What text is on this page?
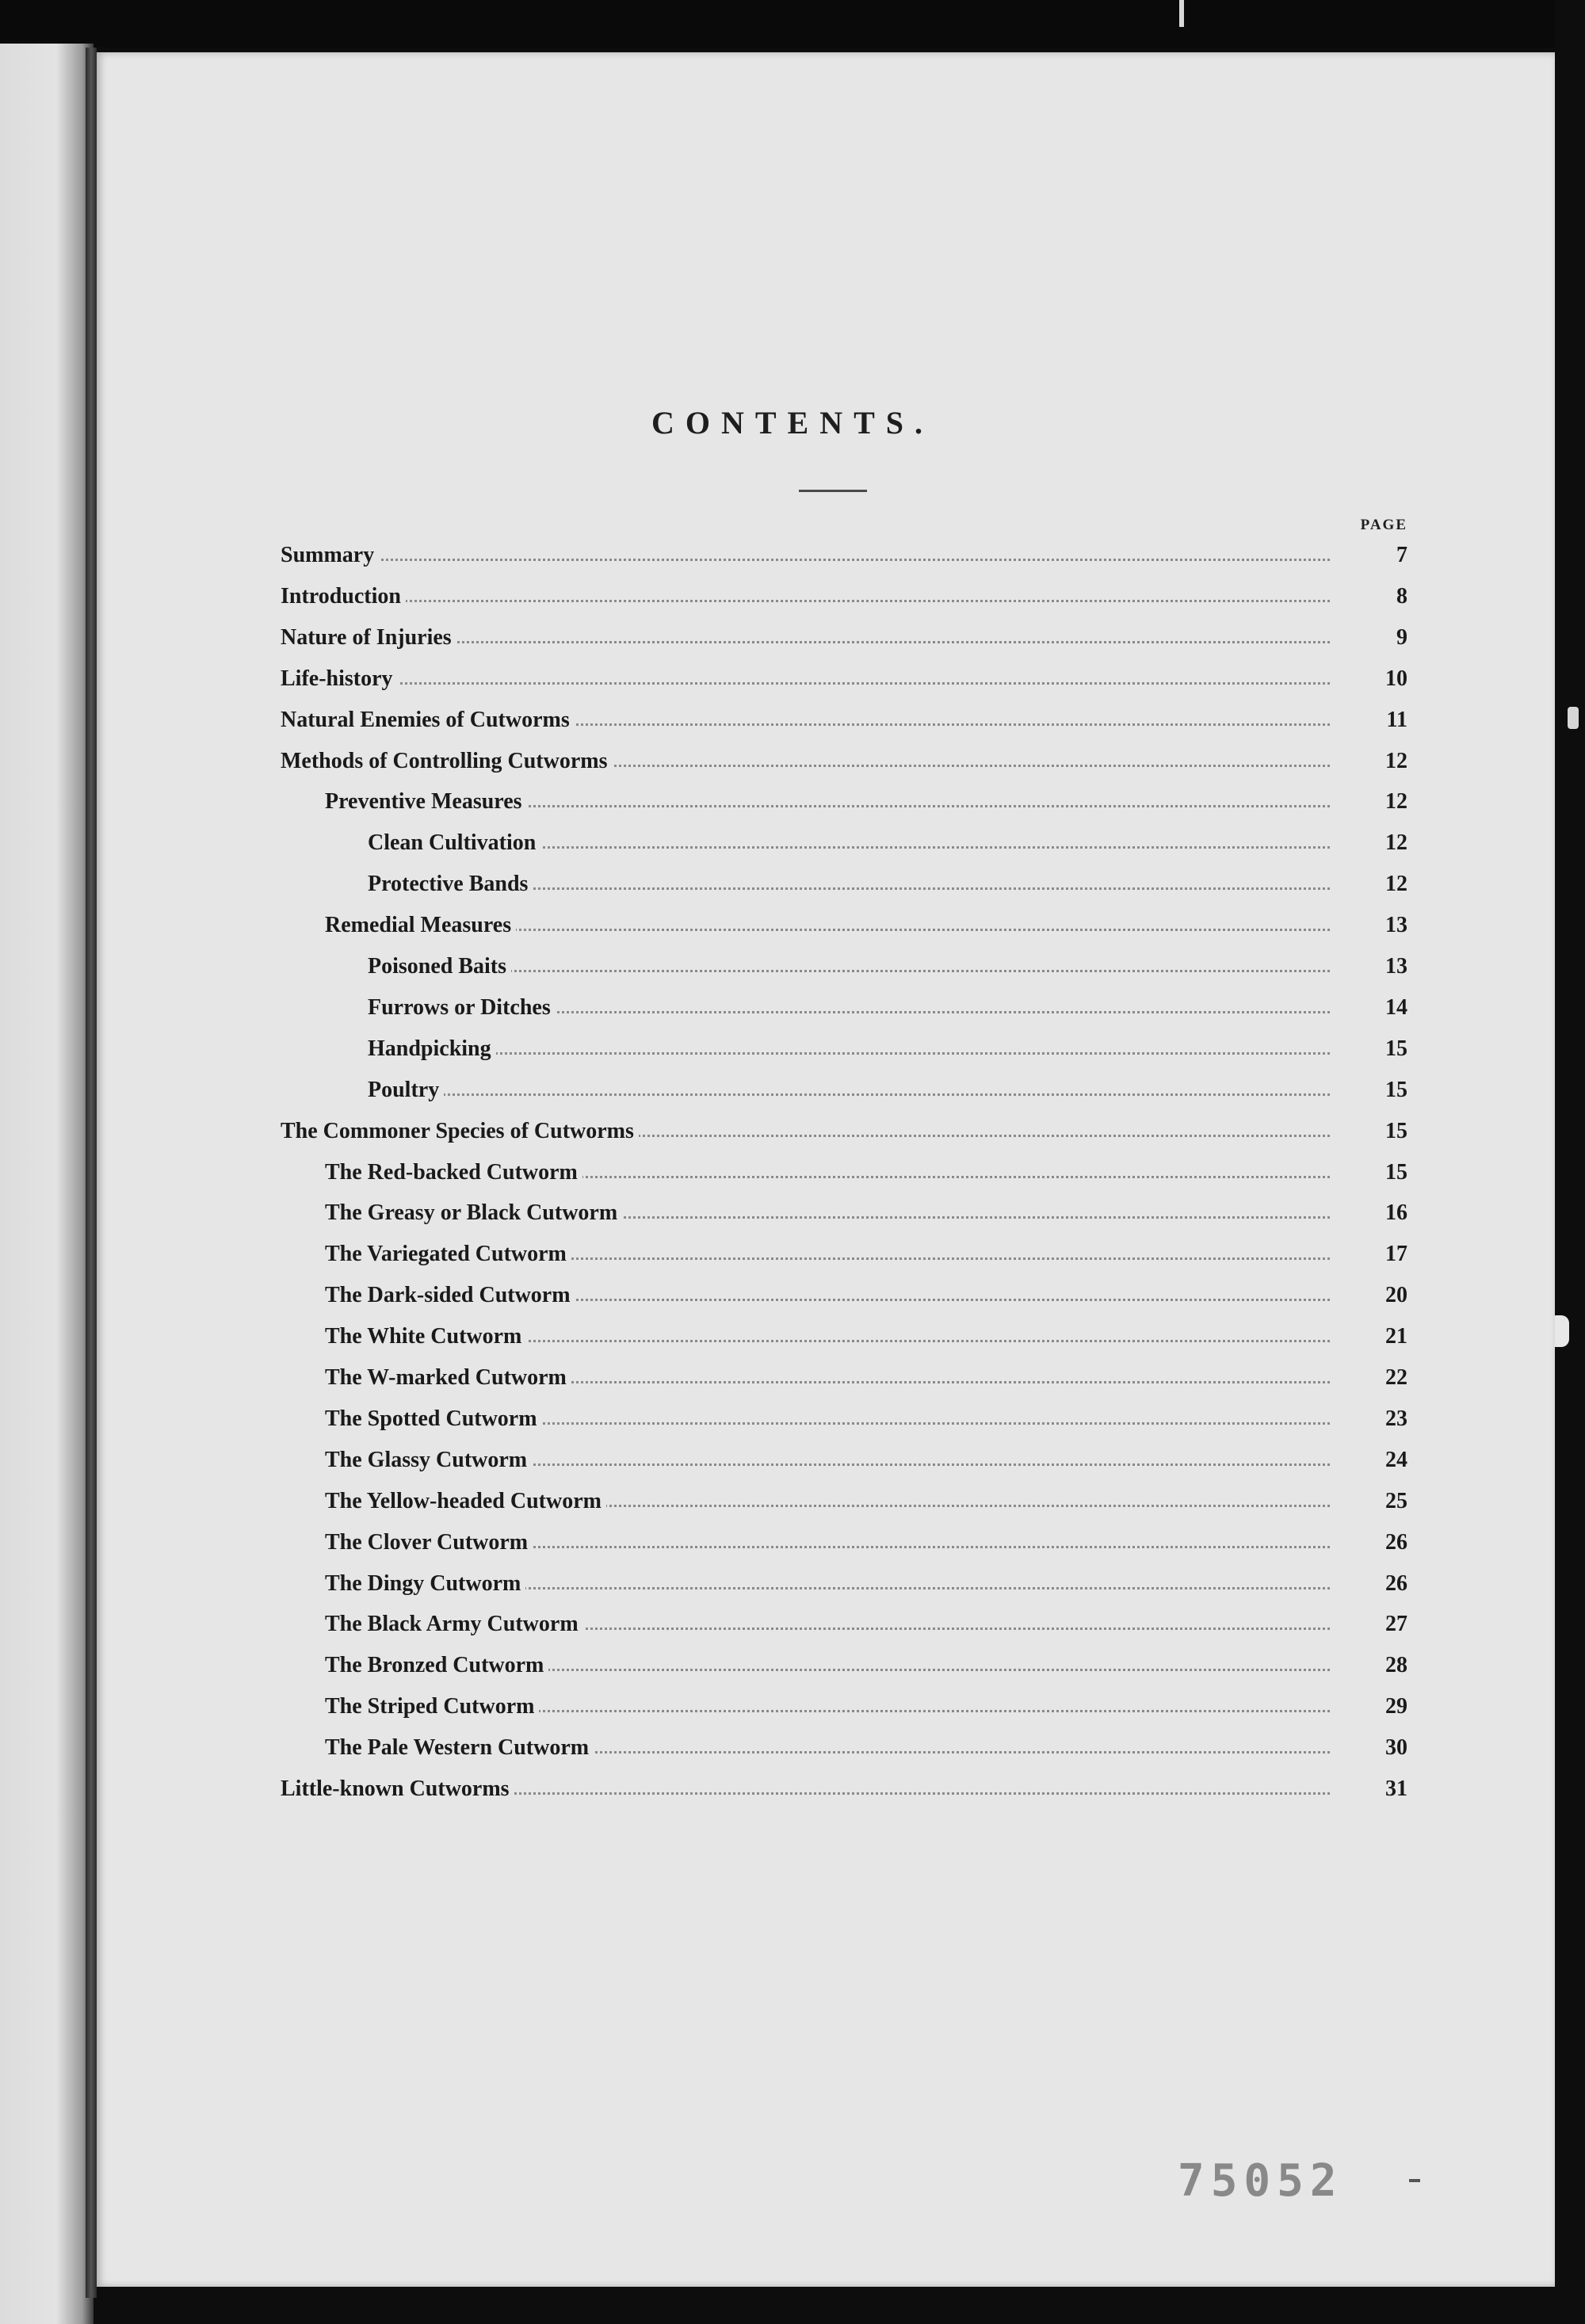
CONTENTS.
PAGE
Summary	7
Introduction	8
Nature of Injuries	9
Life-history	10
Natural Enemies of Cutworms	11
Methods of Controlling Cutworms	12
Preventive Measures	12
Clean Cultivation	12
Protective Bands	12
Remedial Measures	13
Poisoned Baits	13
Furrows or Ditches	14
Handpicking	15
Poultry	15
The Commoner Species of Cutworms	15
The Red-backed Cutworm	15
The Greasy or Black Cutworm	16
The Variegated Cutworm	17
The Dark-sided Cutworm	20
The White Cutworm	21
The W-marked Cutworm	22
The Spotted Cutworm	23
The Glassy Cutworm	24
The Yellow-headed Cutworm	25
The Clover Cutworm	26
The Dingy Cutworm	26
The Black Army Cutworm	27
The Bronzed Cutworm	28
The Striped Cutworm	29
The Pale Western Cutworm	30
Little-known Cutworms	31
75052
